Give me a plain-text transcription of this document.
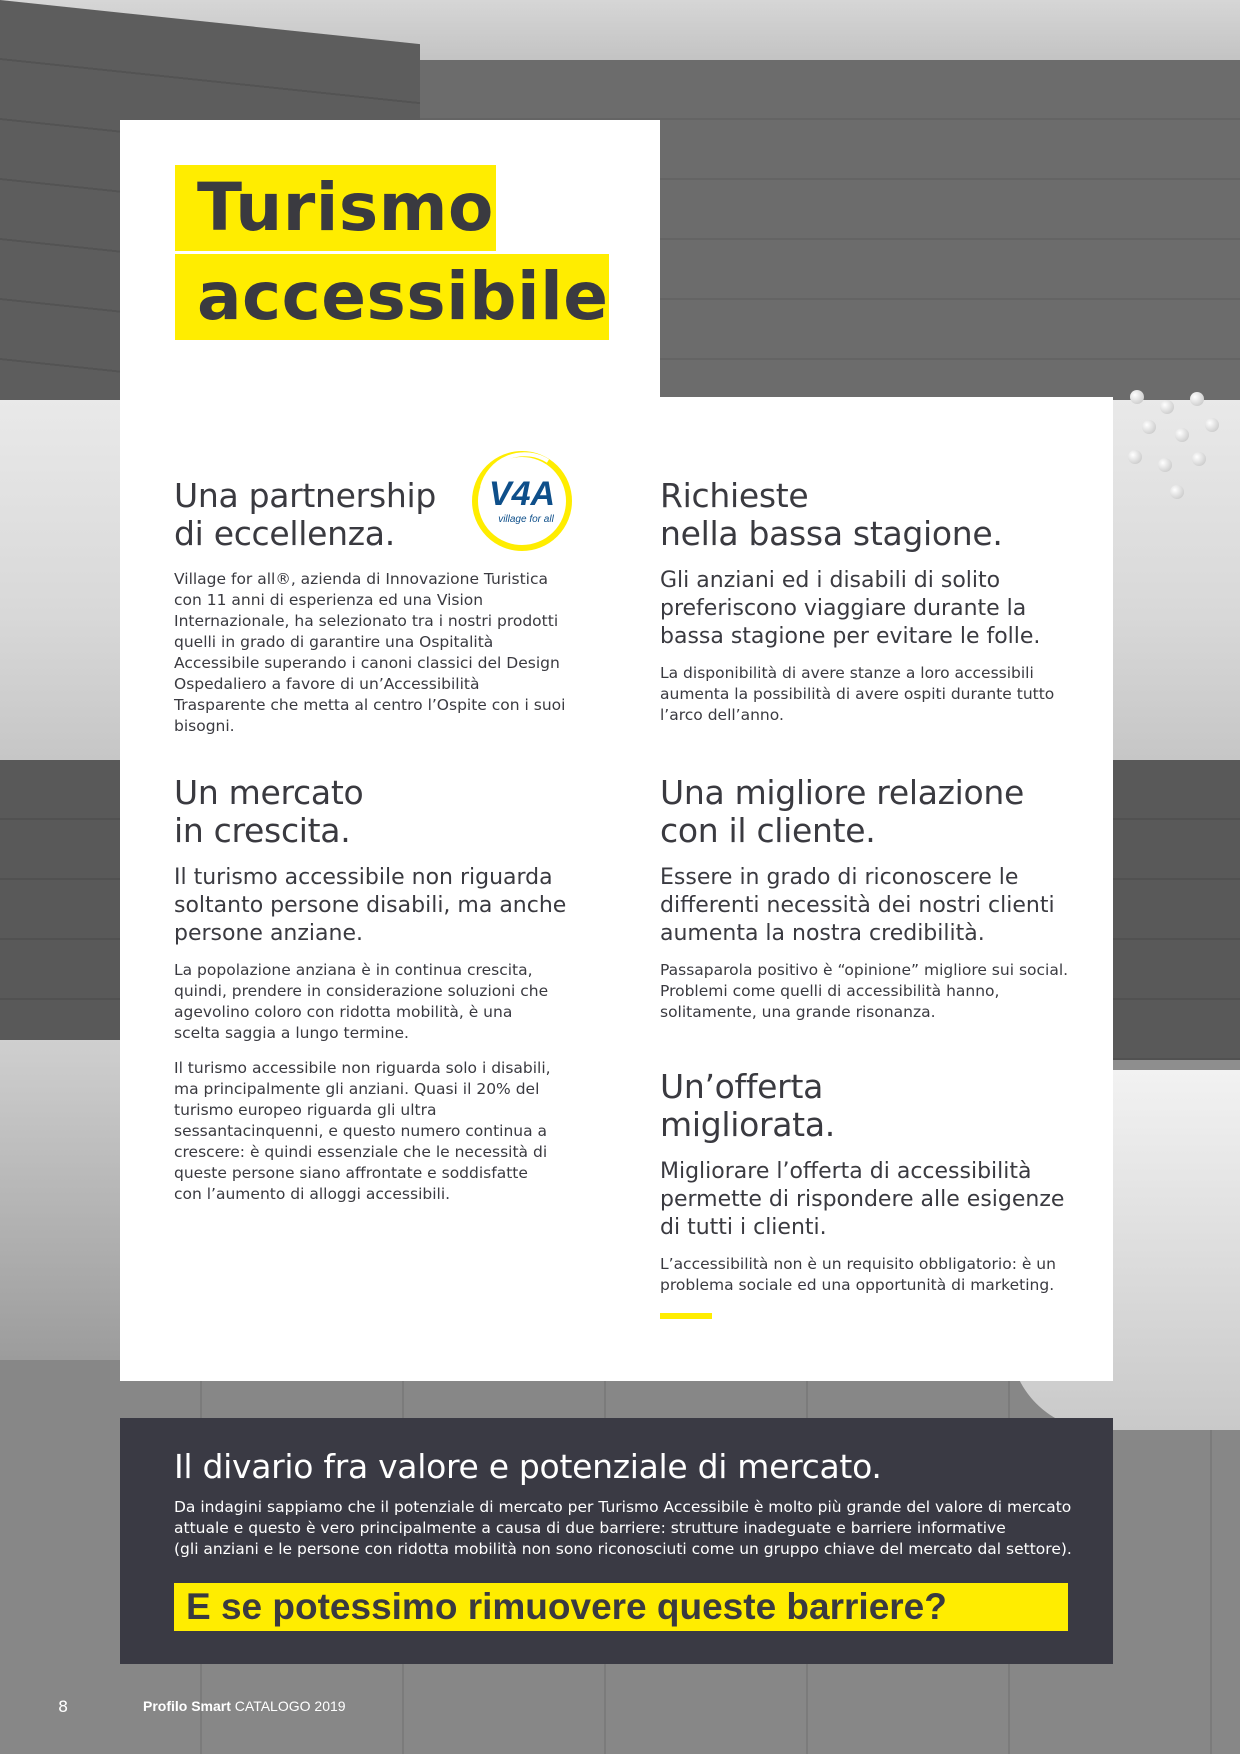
Turismo
accessibile
V4A
village for all
Una partnership
di eccellenza.

Village for all®, azienda di Innovazione Turistica con 11 anni di esperienza ed una Vision Internazionale, ha selezionato tra i nostri prodotti quelli in grado di garantire una Ospitalità Accessibile superando i canoni classici del Design Ospedaliero a favore di un’Accessibilità Trasparente che metta al centro l’Ospite con i suoi bisogni.

Un mercato
in crescita.

Il turismo accessibile non riguarda soltanto persone disabili, ma anche persone anziane.

La popolazione anziana è in continua crescita, quindi, prendere in considerazione soluzioni che agevolino coloro con ridotta mobilità, è una scelta saggia a lungo termine.

Il turismo accessibile non riguarda solo i disabili, ma principalmente gli anziani. Quasi il 20% del turismo europeo riguarda gli ultra sessantacinquenni, e questo numero continua a crescere: è quindi essenziale che le necessità di queste persone siano affrontate e soddisfatte con l’aumento di alloggi accessibili.

Richieste
nella bassa stagione.

Gli anziani ed i disabili di solito preferiscono viaggiare durante la bassa stagione per evitare le folle.

La disponibilità di avere stanze a loro accessibili aumenta la possibilità di avere ospiti durante tutto l’arco dell’anno.

Una migliore relazione
con il cliente.

Essere in grado di riconoscere le differenti necessità dei nostri clienti aumenta la nostra credibilità.

Passaparola positivo è “opinione” migliore sui social. Problemi come quelli di accessibilità hanno, solitamente, una grande risonanza.

Un’offerta
migliorata.

Migliorare l’offerta di accessibilità permette di rispondere alle esigenze di tutti i clienti.

L’accessibilità non è un requisito obbligatorio: è un problema sociale ed una opportunità di marketing.

Il divario fra valore e potenziale di mercato.

Da indagini sappiamo che il potenziale di mercato per Turismo Accessibile è molto più grande del valore di mercato
attuale e questo è vero principalmente a causa di due barriere: strutture inadeguate e barriere informative
(gli anziani e le persone con ridotta mobilità non sono riconosciuti come un gruppo chiave del mercato dal settore).

E se potessimo rimuovere queste barriere?
8	Profilo Smart CATALOGO 2019
